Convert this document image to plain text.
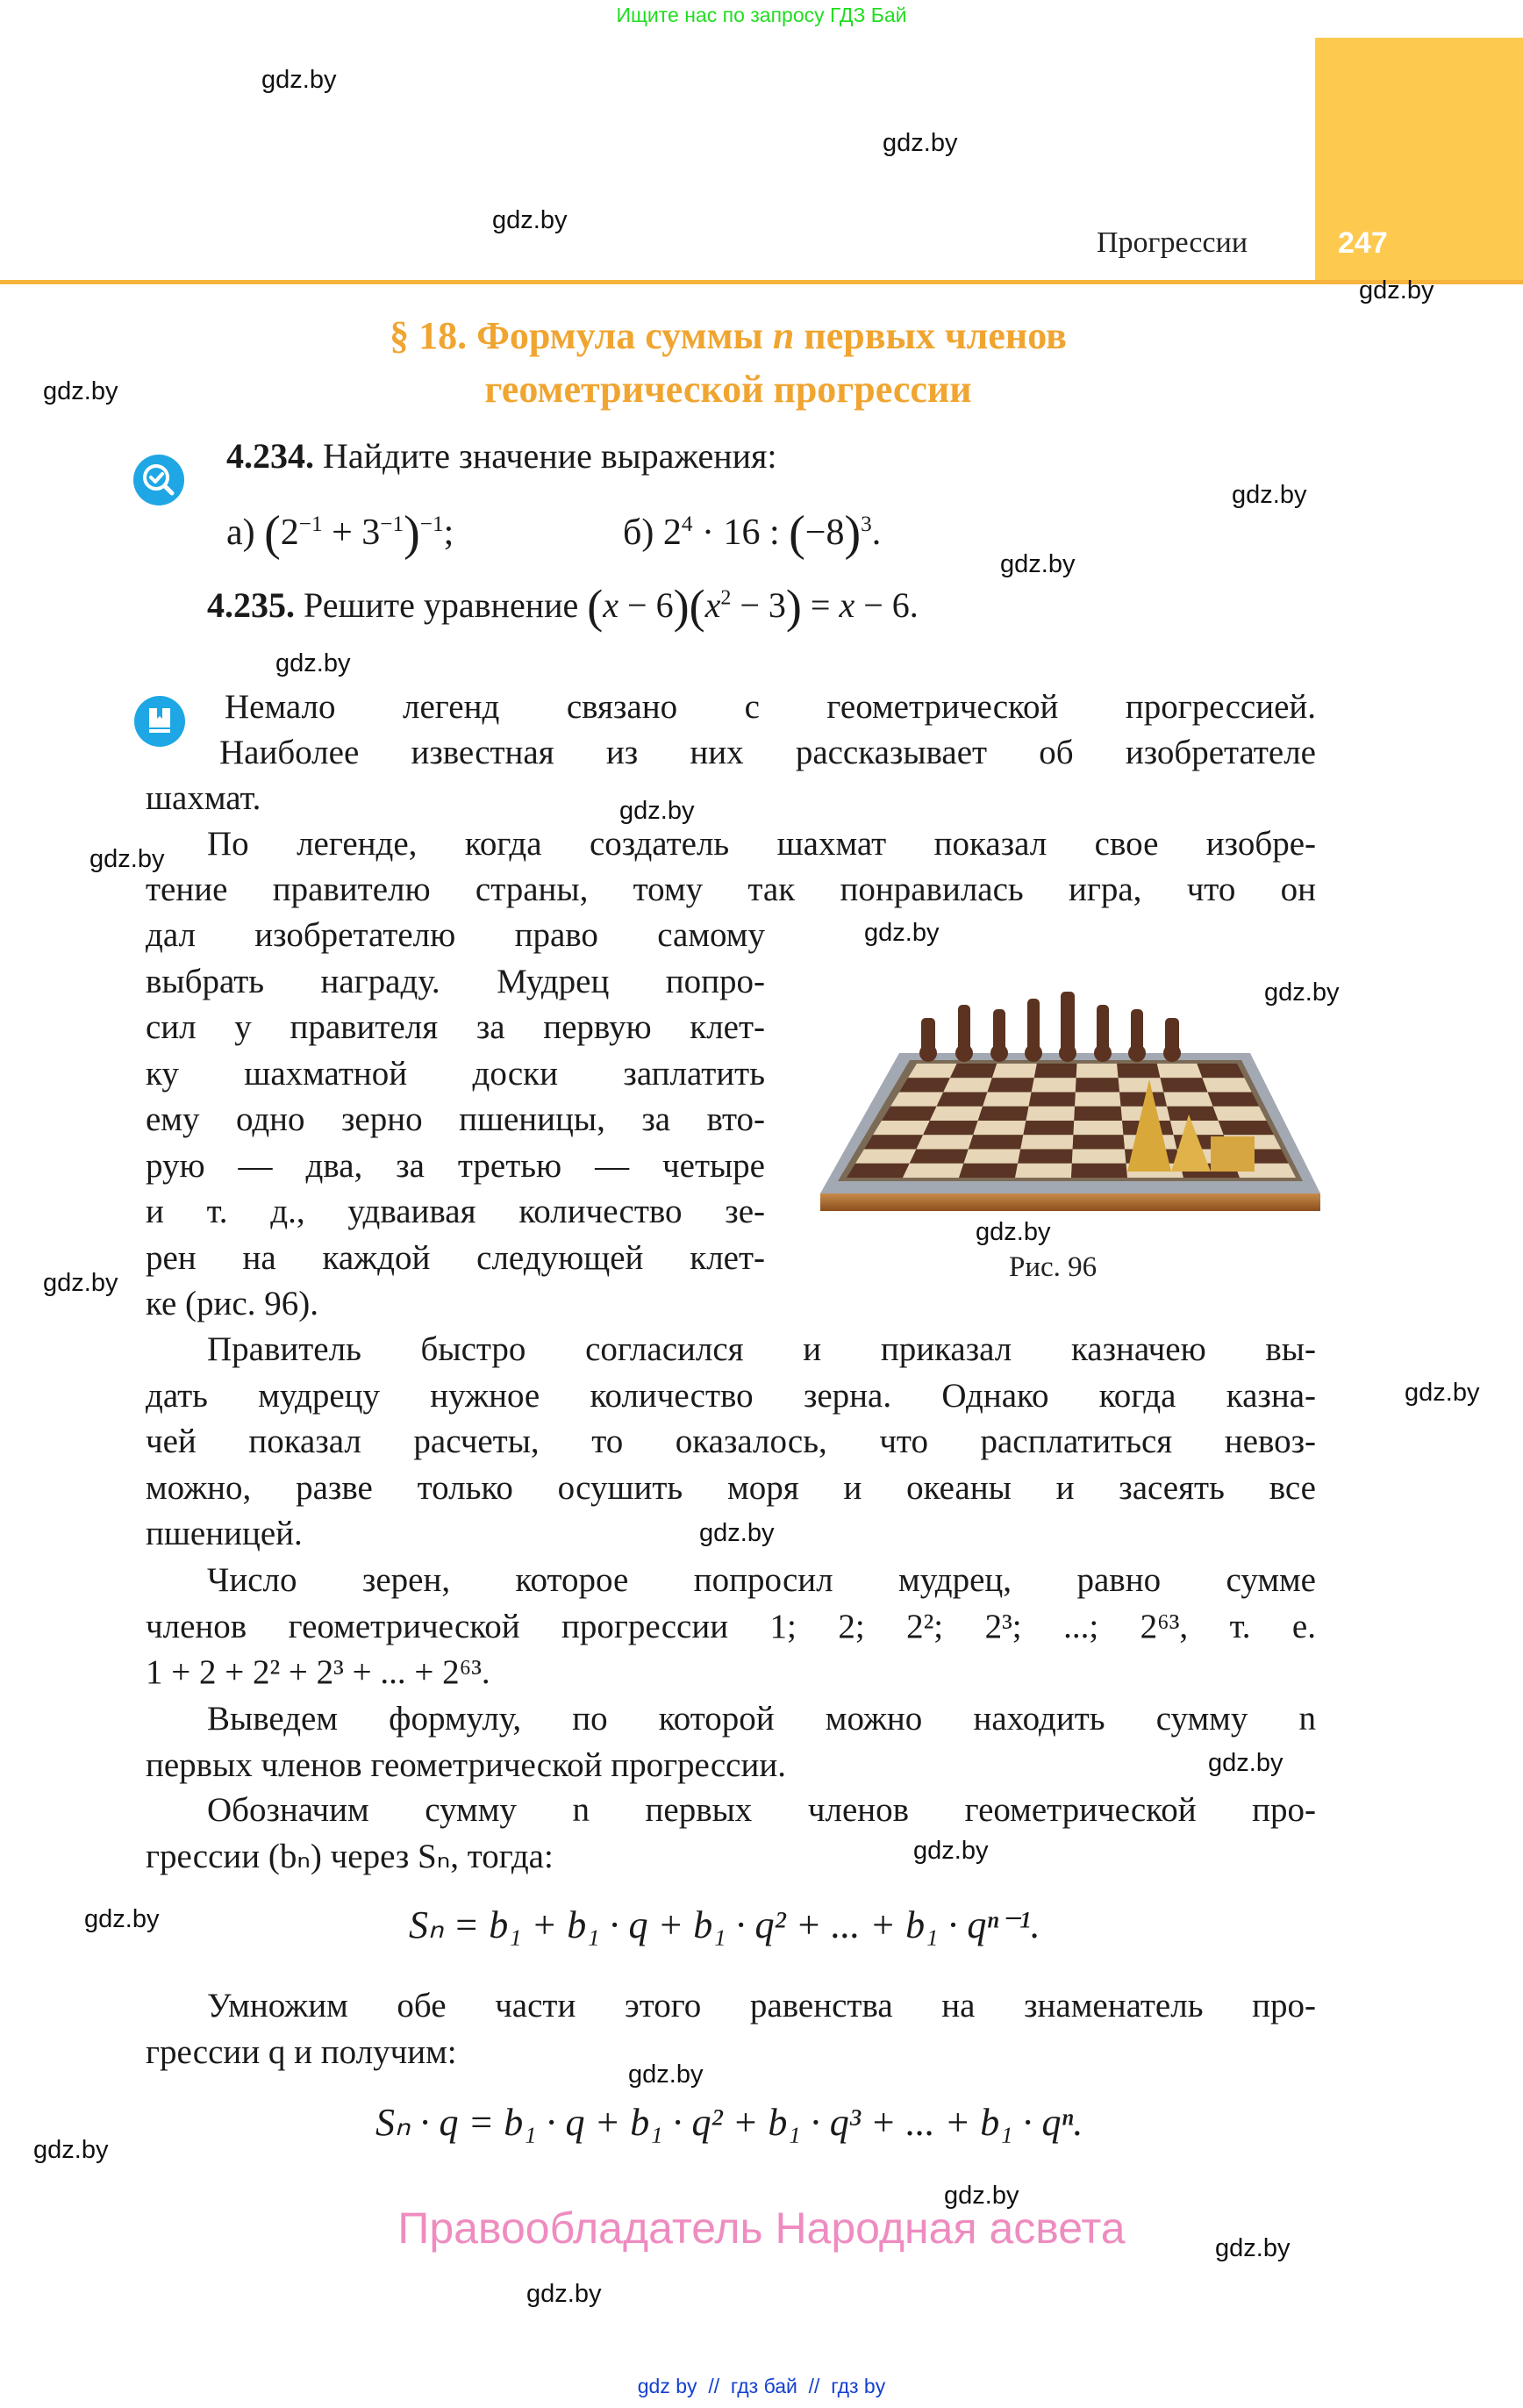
Ищите нас по запросу ГДЗ Бай
Прогрессии	247
§ 18. Формула суммы n первых членов
геометрической прогрессии
4.234. Найдите значение выражения:
а) $(2^{-1} + 3^{-1})^{-1}$;	б) $2^4 \cdot 16$ : $(-8)^3$.
4.235. Решите уравнение $(x - 6)(x^2 - 3) = x - 6$.
Немало легенд связано с геометрической прогрессией.
Наиболее известная из них рассказывает об изобретателе
шахмат.
По легенде, когда создатель шахмат показал свое изобре-
тение правителю страны, тому так понравилась игра, что он
дал изобретателю право самому
выбрать награду. Мудрец попро-
сил у правителя за первую клет-
ку шахматной доски заплатить
ему одно зерно пшеницы, за вто-
рую — два, за третью — четыре
и т. д., удваивая количество зе-
рен на каждой следующей клет-
ке (рис. 96).
Рис. 96
Правитель быстро согласился и приказал казначею вы-
дать мудрецу нужное количество зерна. Однако когда казна-
чей показал расчеты, то оказалось, что расплатиться невоз-
можно, разве только осушить моря и океаны и засеять все
пшеницей.
Число зерен, которое попросил мудрец, равно сумме
членов геометрической прогрессии 1; 2; 2²; 2³; ...; 2⁶³, т. е.
1 + 2 + 2² + 2³ + ... + 2⁶³.
Выведем формулу, по которой можно находить сумму n
первых членов геометрической прогрессии.
Обозначим сумму n первых членов геометрической про-
грессии (bₙ) через Sₙ, тогда:
Sₙ = b₁ + b₁ · q + b₁ · q² + ... + b₁ · qⁿ⁻¹.
Умножим обе части этого равенства на знаменатель про-
грессии q и получим:
Sₙ · q = b₁ · q + b₁ · q² + b₁ · q³ + ... + b₁ · qⁿ.
Правообладатель Народная асвета
gdz by // гдз бай // гдз by
gdz.by
gdz.by
gdz.by
gdz.by
gdz.by
gdz.by
gdz.by
gdz.by
gdz.by
gdz.by
gdz.by
gdz.by
gdz.by
gdz.by
gdz.by
gdz.by
gdz.by
gdz.by
gdz.by
gdz.by
gdz.by
gdz.by
gdz.by
gdz.by
